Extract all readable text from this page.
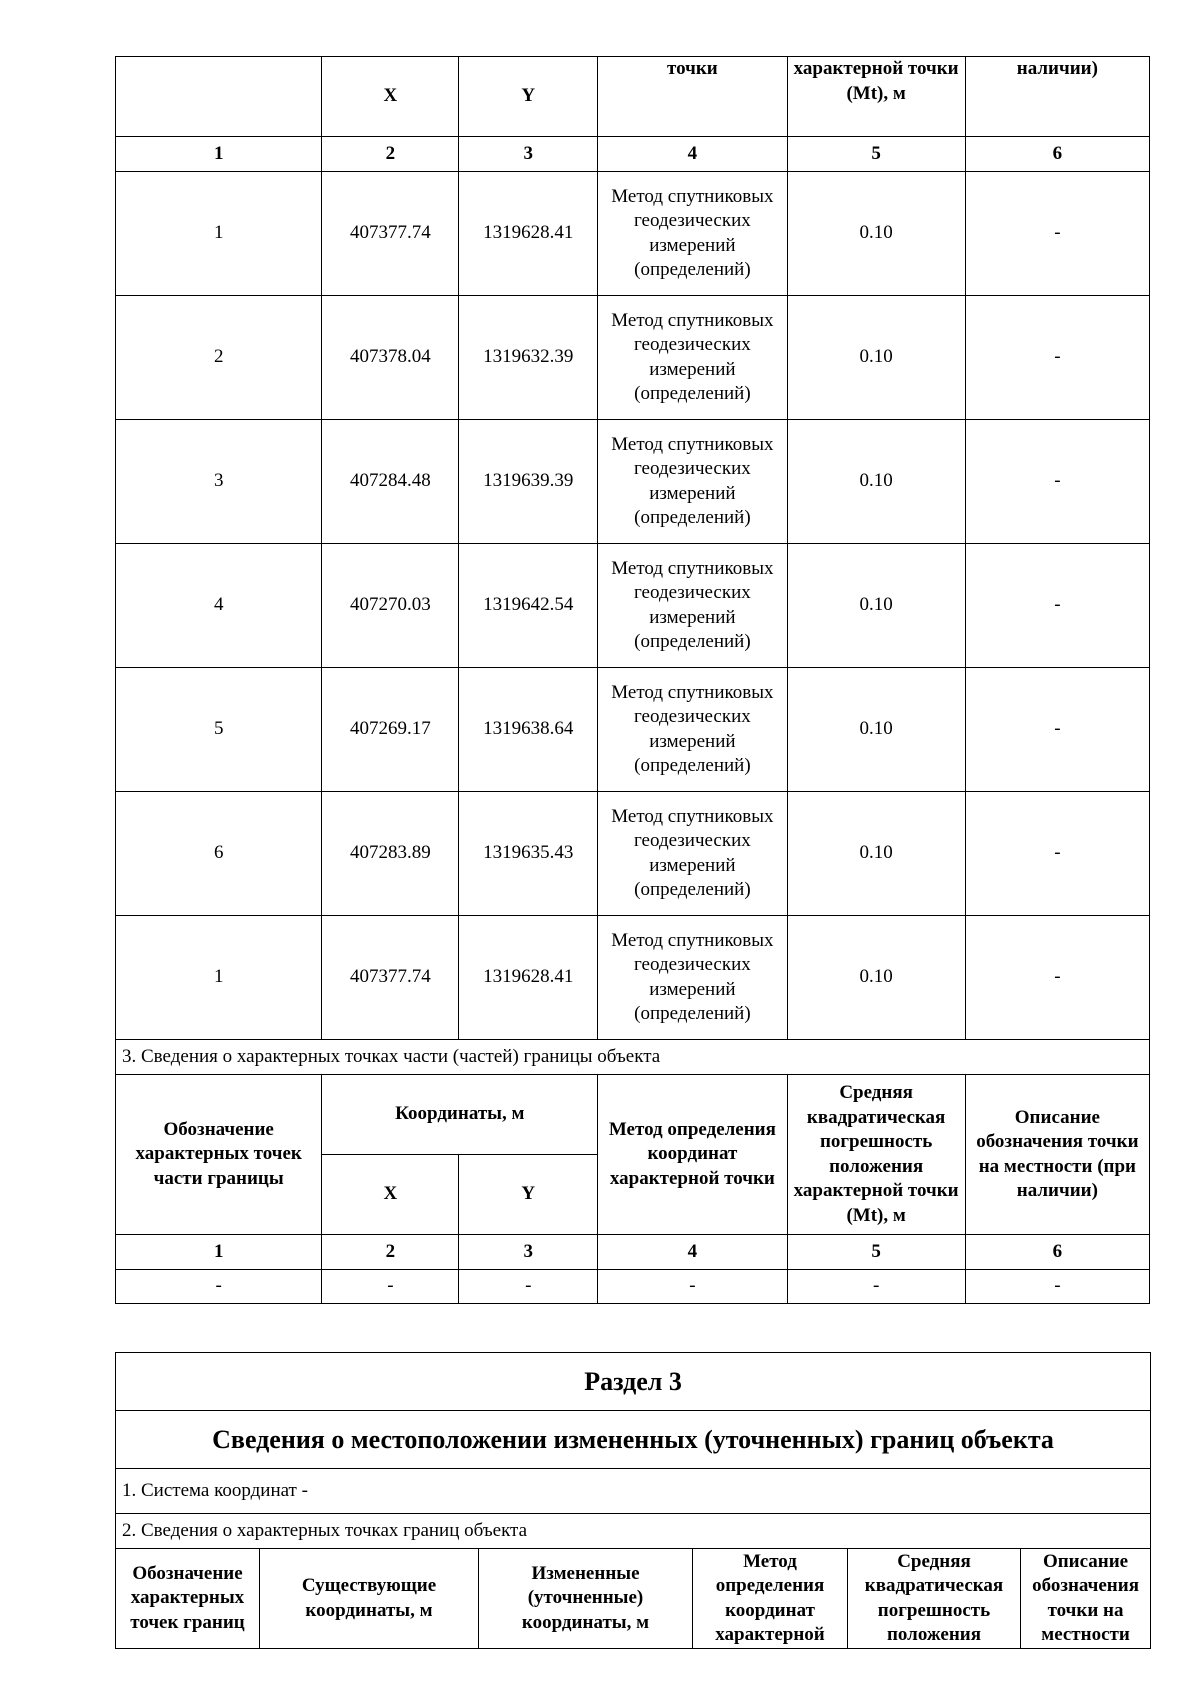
	X	Y	точки	характерной точки (Mt), м	наличии)
1	2	3	4	5	6
1	407377.74	1319628.41	Метод спутниковых геодезических измерений (определений)	0.10	-
2	407378.04	1319632.39	Метод спутниковых геодезических измерений (определений)	0.10	-
3	407284.48	1319639.39	Метод спутниковых геодезических измерений (определений)	0.10	-
4	407270.03	1319642.54	Метод спутниковых геодезических измерений (определений)	0.10	-
5	407269.17	1319638.64	Метод спутниковых геодезических измерений (определений)	0.10	-
6	407283.89	1319635.43	Метод спутниковых геодезических измерений (определений)	0.10	-
1	407377.74	1319628.41	Метод спутниковых геодезических измерений (определений)	0.10	-
3. Сведения о характерных точках части (частей) границы объекта					
Обозначение характерных точек части границы	Координаты, м		Метод определения координат характерной точки	Средняя квадратическая погрешность положения характерной точки (Mt), м	Описание обозначения точки на местности (при наличии)
	X	Y			
1	2	3	4	5	6
-	-	-	-	-	-
Раздел 3
Сведения о местоположении измененных (уточненных) границ объекта
1. Система координат -
2. Сведения о характерных точках границ объекта
Обозначение характерных точек границ	Существующие координаты, м	Измененные (уточненные) координаты, м	Метод определения координат характерной	Средняя квадратическая погрешность положения	Описание обозначения точки на местности
